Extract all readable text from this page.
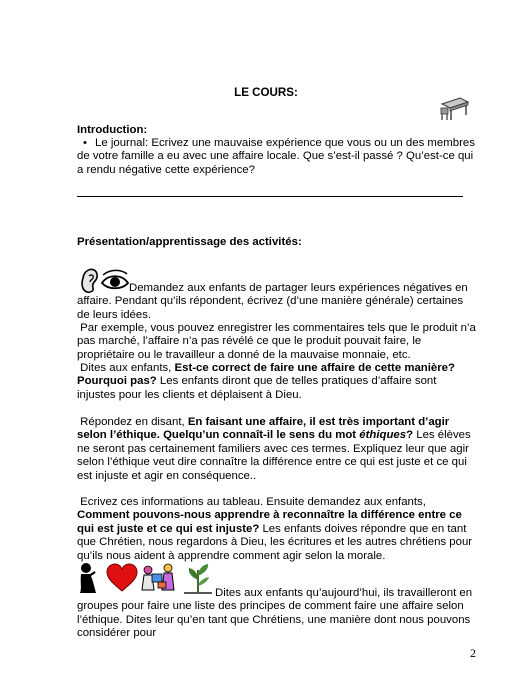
LE COURS:

Introduction:

• Le journal: Ecrivez une mauvaise expérience que vous ou un des membres de votre famille a eu avec une affaire locale. Que s’est-il passé ? Qu’est-ce qui a rendu négative cette expérience?

Présentation/apprentissage des activités:

Demandez aux enfants de partager leurs expériences négatives en affaire. Pendant qu’ils répondent, écrivez (d’une manière générale) certaines de leurs idées.

Par exemple, vous pouvez enregistrer les commentaires tels que le produit n’a pas marché, l’affaire n’a pas révélé ce que le produit pouvait faire, le propriétaire ou le travailleur a donné de la mauvaise monnaie, etc.

Dites aux enfants, Est-ce correct de faire une affaire de cette manière? Pourquoi pas? Les enfants diront que de telles pratiques d’affaire sont injustes pour les clients et déplaisent à Dieu.

Répondez en disant, En faisant une affaire, il est très important d’agir selon l’éthique. Quelqu’un connaît-il le sens du mot éthiques? Les élèves ne seront pas certainement familiers avec ces termes. Expliquez leur que agir selon l’éthique veut dire connaître la différence entre ce qui est juste et ce qui est injuste et agir en conséquence..

Ecrivez ces informations au tableau. Ensuite demandez aux enfants, Comment pouvons-nous apprendre à reconnaître la différence entre ce qui est juste et ce qui est injuste? Les enfants doives répondre que en tant que Chrétien, nous regardons à Dieu, les écritures et les autres chrétiens pour qu’ils nous aident à apprendre comment agir selon la morale.

Dites aux enfants qu’aujourd’hui, ils travailleront en groupes pour faire une liste des principes de comment faire une affaire selon l’éthique. Dites leur qu’en tant que Chrétiens, une manière dont nous pouvons considérer pour

2
